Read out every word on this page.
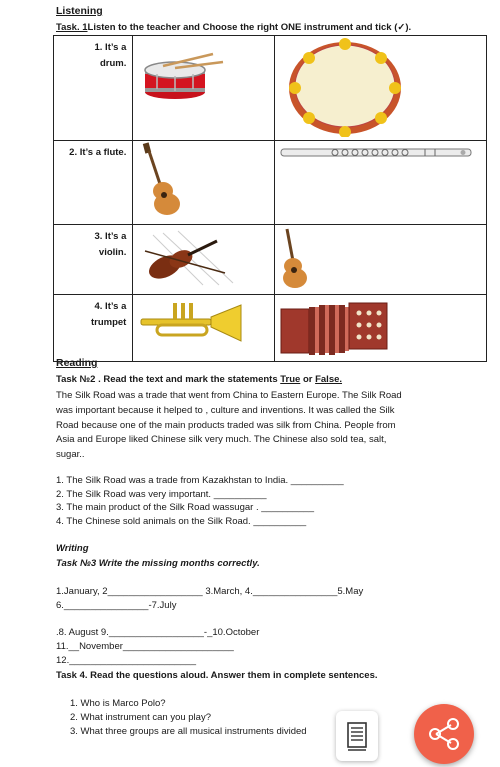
Listening
Task. 1Listen to the teacher and Choose the right ONE instrument and tick (✓).
1. It’s a drum.

2. It’s a flute.

3. It’s a violin.

4. It’s a trumpet

Reading
Task №2 . Read the text and mark the statements True or False.
The Silk Road was a trade that went from China to Eastern Europe. The Silk Road
was important because it helped to , culture and inventions. It was called the Silk
Road because one of the main products traded was silk from China. People from
Asia and Europe liked Chinese silk very much. The Chinese also sold tea, salt,
sugar..
1. The Silk Road was a trade from Kazakhstan to India. __________
2. The Silk Road was very important. __________
3. The main product of the Silk Road wassugar . __________
4. The Chinese sold animals on the Silk Road. __________
Writing
Task №3 Write the missing months correctly.
1.January, 2__________________ 3.March, 4.________________5.May
6.________________-7.July
.8. August 9.__________________-_10.October
11.__November_____________________
12.________________________
Task 4. Read the questions aloud. Answer them in complete sentences.
1. Who is Marco Polo?
2. What instrument can you play?
3. What three groups are all musical instruments divided
